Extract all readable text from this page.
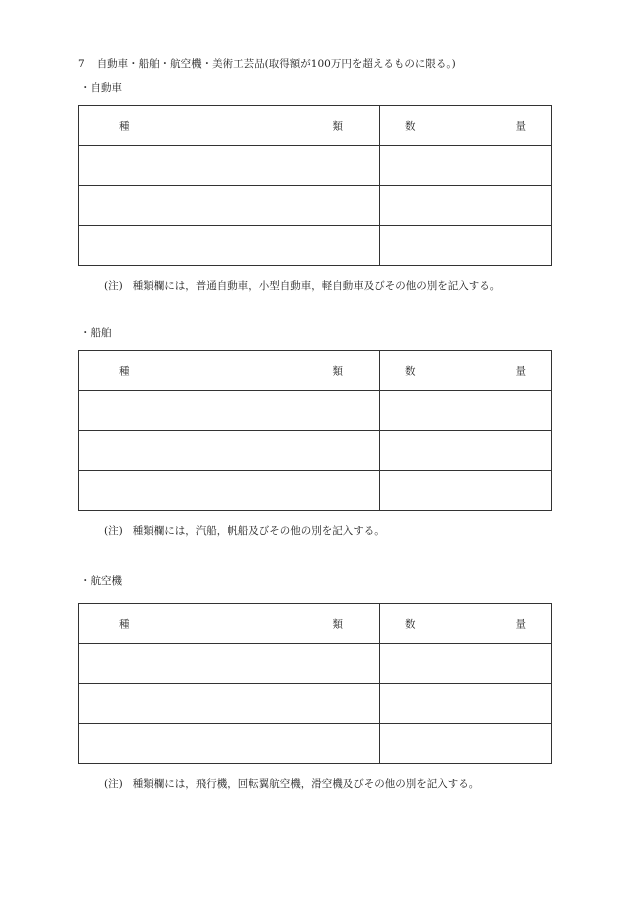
7 自動車・船舶・航空機・美術工芸品(取得額が100万円を超えるものに限る。)
・自動車
種 類	数 量

(注) 種類欄には，普通自動車，小型自動車，軽自動車及びその他の別を記入する。
・船舶
種 類	数 量

(注) 種類欄には，汽船，帆船及びその他の別を記入する。
・航空機
種 類	数 量

(注) 種類欄には，飛行機，回転翼航空機，滑空機及びその他の別を記入する。
